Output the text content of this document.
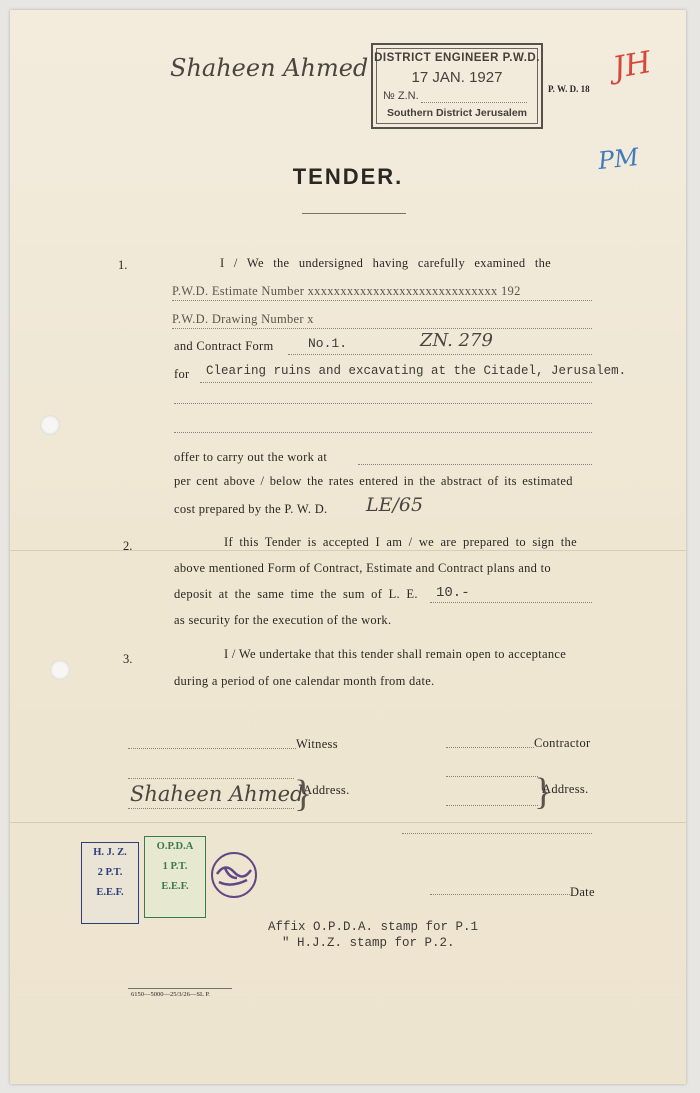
Shaheen Ahmed DISTRICT ENGINEER P.W.D.
17 JAN. 1927
№ Z.N.
Southern District Jerusalem
P. W. D. 18
JH
PM
TENDER.
1.	I / We the undersigned having carefully examined the
P.W.D. Estimate Number xxxxxxxxxxxxxxxxxxxxxxxxxxxxx 192
P.W.D. Drawing Number x
and Contract Form	No.1.	ZN. 279
for Clearing ruins and excavating at the Citadel, Jerusalem.
offer to carry out the work at
per cent above / below the rates entered in the abstract of its estimated
cost prepared by the P. W. D. LE/65
2.	If this Tender is accepted I am / we are prepared to sign the
above mentioned Form of Contract, Estimate and Contract plans and to
deposit at the same time the sum of L. E. 10.-
as security for the execution of the work.
3.	I / We undertake that this tender shall remain open to acceptance
during a period of one calendar month from date.
Witness	Contractor
Shaheen Ahmed
}
Address.	}
Address.
H. J. Z.
2 P.T.
E.E.F.
O.P.D.A
1 P.T.
E.E.F.	Date
Affix O.P.D.A. stamp for P.1
" H.J.Z. stamp for P.2.
6150—5000—25/3/26—SL P.
